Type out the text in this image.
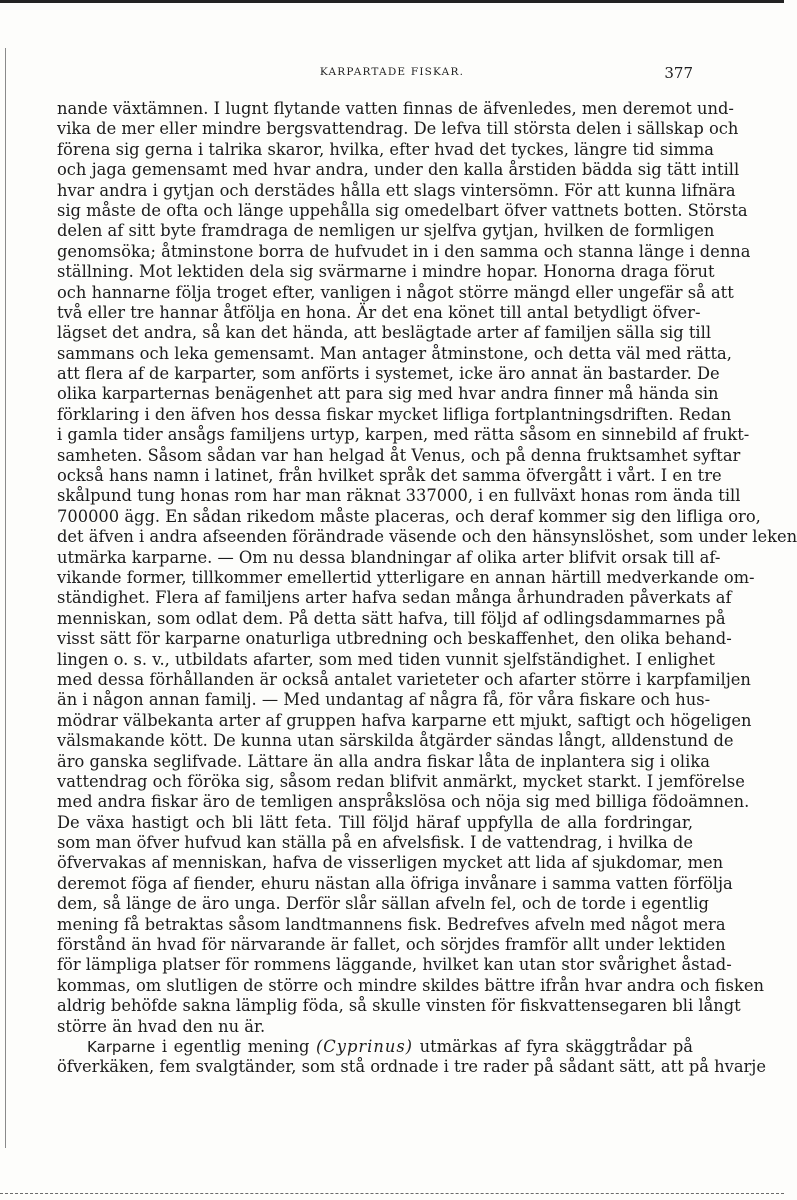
KARPARTADE FISKAR.	377
nande växtämnen. I lugnt flytande vatten finnas de äfvenledes, men deremot und-
vika de mer eller mindre bergsvattendrag. De lefva till största delen i sällskap och
förena sig gerna i talrika skaror, hvilka, efter hvad det tyckes, längre tid simma
och jaga gemensamt med hvar andra, under den kalla årstiden bädda sig tätt intill
hvar andra i gytjan och derstädes hålla ett slags vintersömn. För att kunna lifnära
sig måste de ofta och länge uppehålla sig omedelbart öfver vattnets botten. Största
delen af sitt byte framdraga de nemligen ur sjelfva gytjan, hvilken de formligen
genomsöka; åtminstone borra de hufvudet in i den samma och stanna länge i denna
ställning. Mot lektiden dela sig svärmarne i mindre hopar. Honorna draga förut
och hannarne följa troget efter, vanligen i något större mängd eller ungefär så att
två eller tre hannar åtfölja en hona. Är det ena könet till antal betydligt öfver-
lägset det andra, så kan det hända, att beslägtade arter af familjen sälla sig till
sammans och leka gemensamt. Man antager åtminstone, och detta väl med rätta,
att flera af de karparter, som anförts i systemet, icke äro annat än bastarder. De
olika karparternas benägenhet att para sig med hvar andra finner må hända sin
förklaring i den äfven hos dessa fiskar mycket lifliga fortplantningsdriften. Redan
i gamla tider ansågs familjens urtyp, karpen, med rätta såsom en sinnebild af frukt-
samheten. Såsom sådan var han helgad åt Venus, och på denna fruktsamhet syftar
också hans namn i latinet, från hvilket språk det samma öfvergått i vårt. I en tre
skålpund tung honas rom har man räknat 337000, i en fullväxt honas rom ända till
700000 ägg. En sådan rikedom måste placeras, och deraf kommer sig den lifliga oro,
det äfven i andra afseenden förändrade väsende och den hänsynslöshet, som under leken
utmärka karparne. — Om nu dessa blandningar af olika arter blifvit orsak till af-
vikande former, tillkommer emellertid ytterligare en annan härtill medverkande om-
ständighet. Flera af familjens arter hafva sedan många århundraden påverkats af
menniskan, som odlat dem. På detta sätt hafva, till följd af odlingsdammarnes på
visst sätt för karparne onaturliga utbredning och beskaffenhet, den olika behand-
lingen o. s. v., utbildats afarter, som med tiden vunnit sjelfständighet. I enlighet
med dessa förhållanden är också antalet varieteter och afarter större i karpfamiljen
än i någon annan familj. — Med undantag af några få, för våra fiskare och hus-
mödrar välbekanta arter af gruppen hafva karparne ett mjukt, saftigt och högeligen
välsmakande kött. De kunna utan särskilda åtgärder sändas långt, alldenstund de
äro ganska seglifvade. Lättare än alla andra fiskar låta de inplantera sig i olika
vattendrag och föröka sig, såsom redan blifvit anmärkt, mycket starkt. I jemförelse
med andra fiskar äro de temligen anspråkslösa och nöja sig med billiga födoämnen.
De växa hastigt och bli lätt feta. Till följd häraf uppfylla de alla fordringar,
som man öfver hufvud kan ställa på en afvelsfisk. I de vattendrag, i hvilka de
öfvervakas af menniskan, hafva de visserligen mycket att lida af sjukdomar, men
deremot föga af fiender, ehuru nästan alla öfriga invånare i samma vatten förfölja
dem, så länge de äro unga. Derför slår sällan afveln fel, och de torde i egentlig
mening få betraktas såsom landtmannens fisk. Bedrefves afveln med något mera
förstånd än hvad för närvarande är fallet, och sörjdes framför allt under lektiden
för lämpliga platser för rommens läggande, hvilket kan utan stor svårighet åstad-
kommas, om slutligen de större och mindre skildes bättre ifrån hvar andra och fisken
aldrig behöfde sakna lämplig föda, så skulle vinsten för fiskvattensegaren bli långt
större än hvad den nu är.
Karparne i egentlig mening (Cyprinus) utmärkas af fyra skäggtrådar på
öfverkäken, fem svalgtänder, som stå ordnade i tre rader på sådant sätt, att på hvarje
